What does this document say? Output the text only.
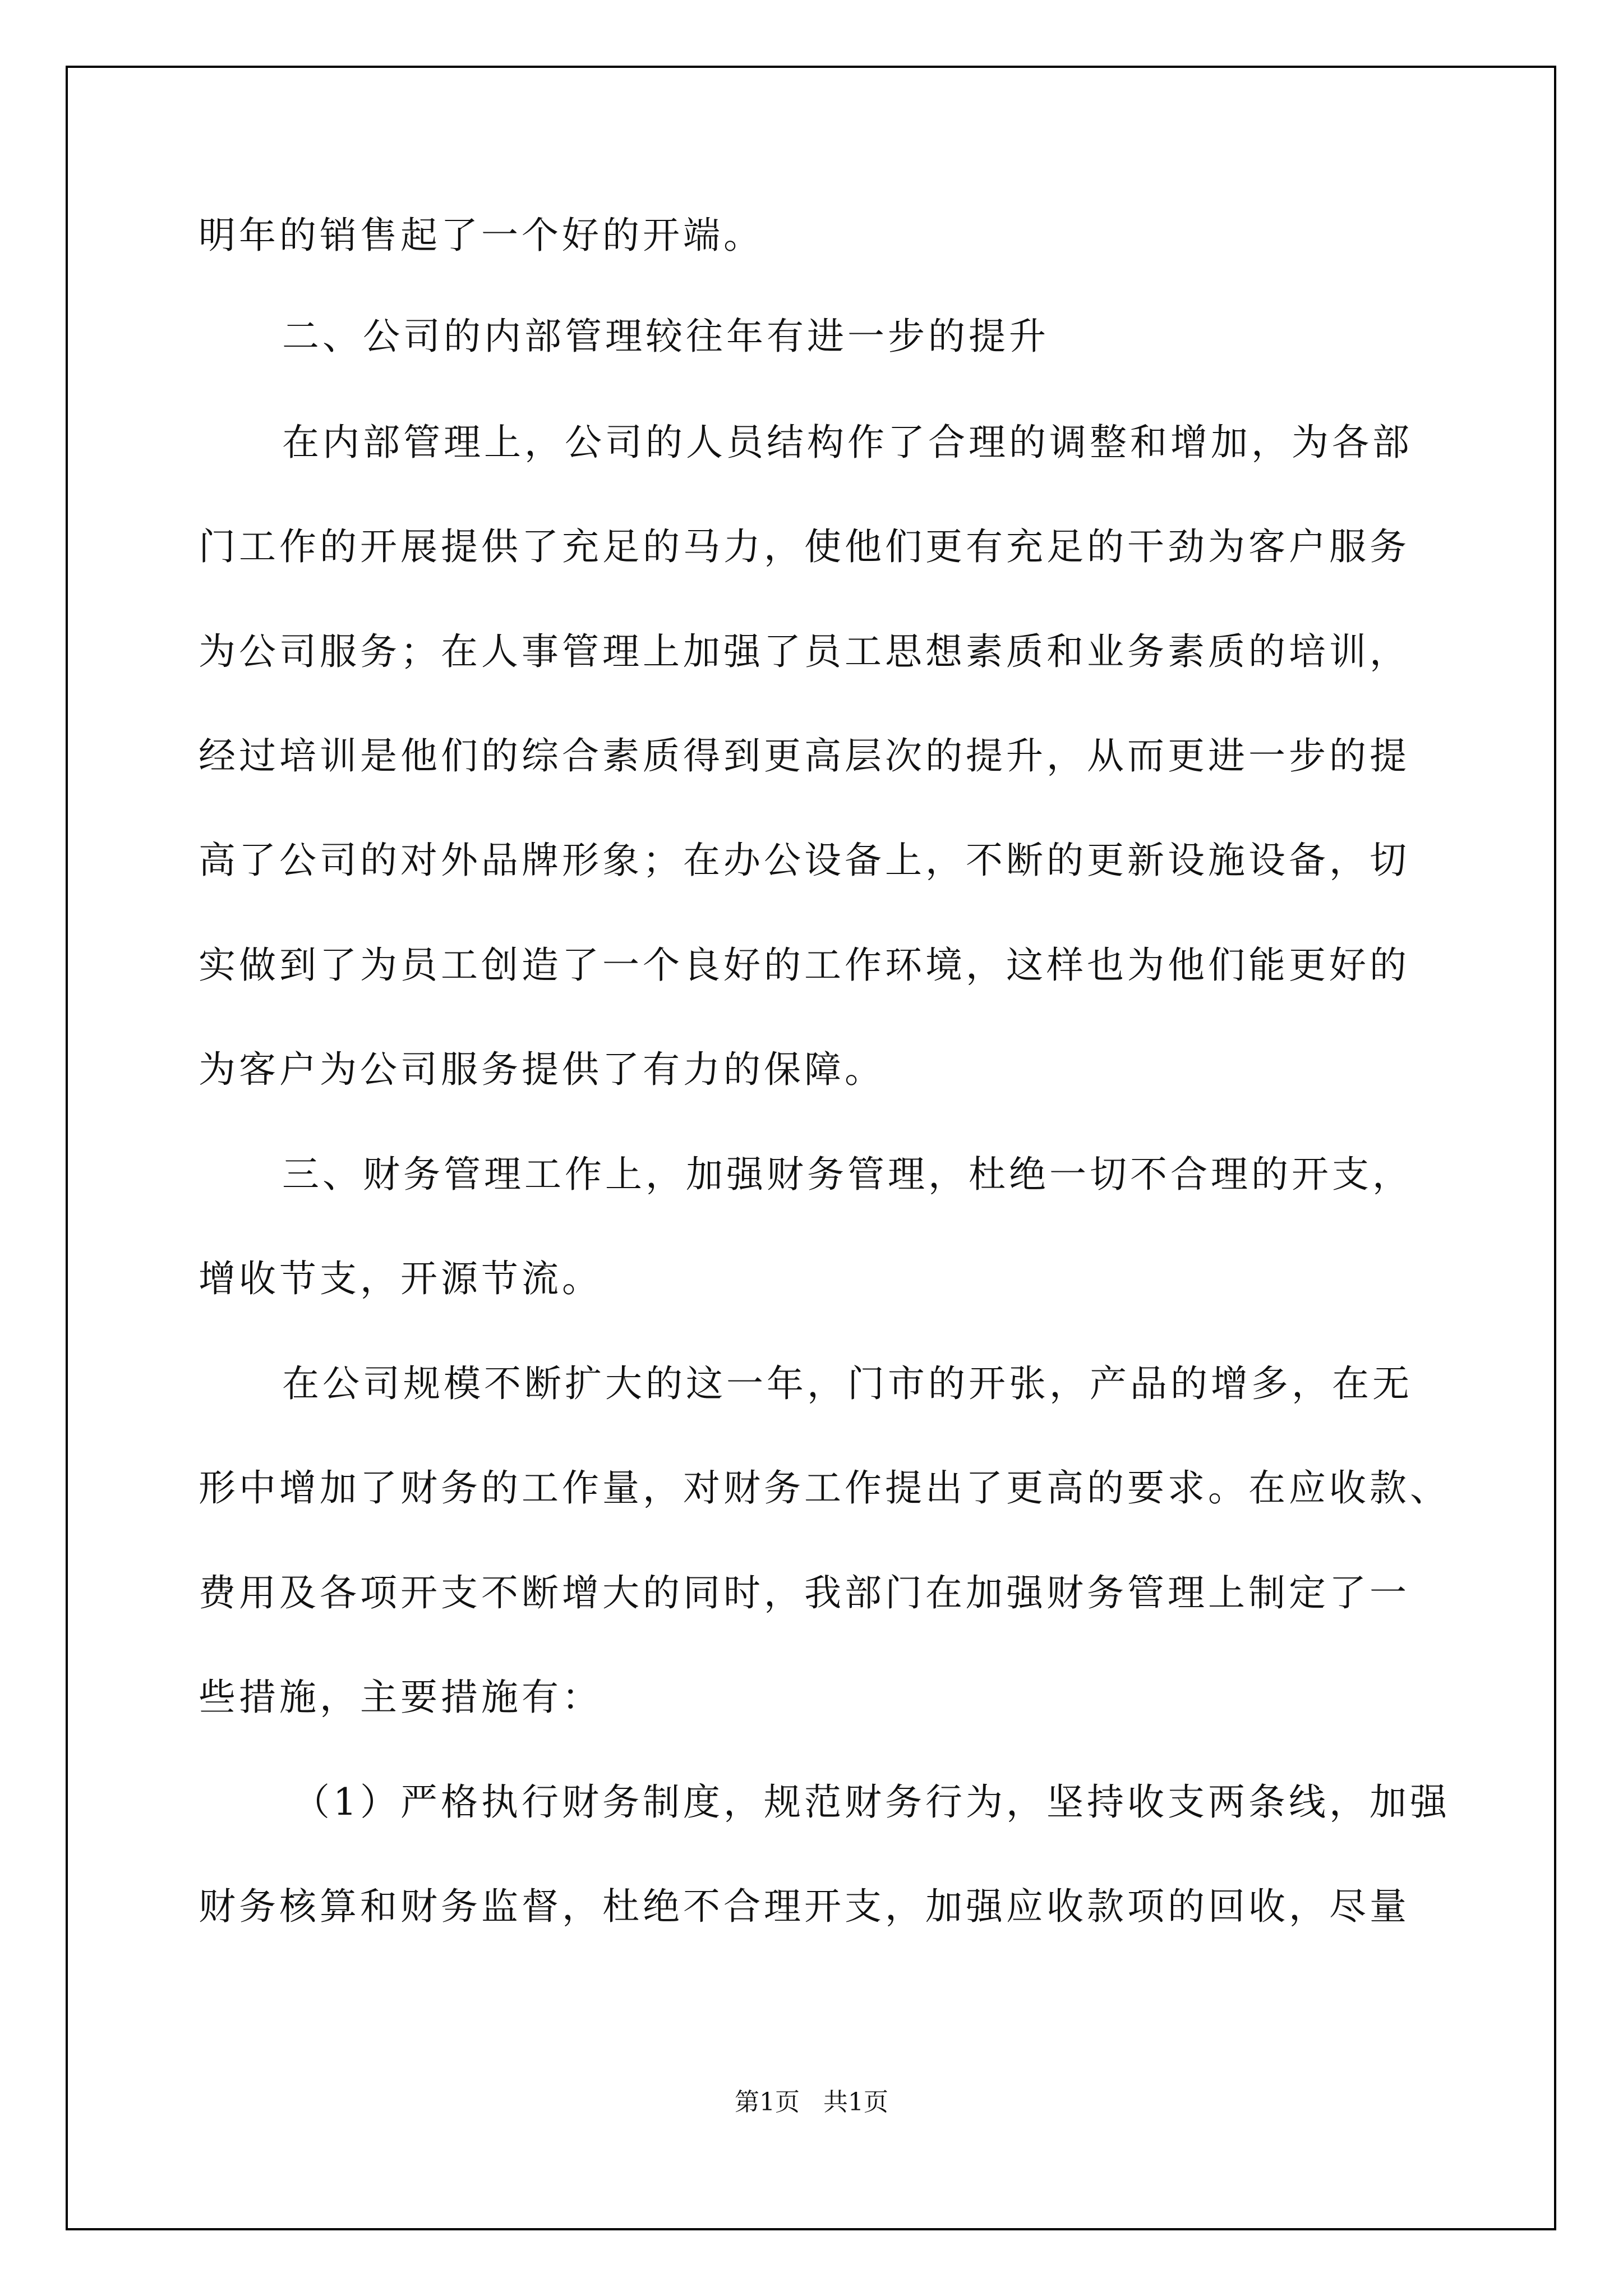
明年的销售起了一个好的开端。
二、公司的内部管理较往年有进一步的提升
在内部管理上，公司的人员结构作了合理的调整和增加，为各部
门工作的开展提供了充足的马力，使他们更有充足的干劲为客户服务
为公司服务；在人事管理上加强了员工思想素质和业务素质的培训，
经过培训是他们的综合素质得到更高层次的提升，从而更进一步的提
高了公司的对外品牌形象；在办公设备上，不断的更新设施设备，切
实做到了为员工创造了一个良好的工作环境，这样也为他们能更好的
为客户为公司服务提供了有力的保障。
三、财务管理工作上，加强财务管理，杜绝一切不合理的开支，
增收节支，开源节流。
在公司规模不断扩大的这一年，门市的开张，产品的增多，在无
形中增加了财务的工作量，对财务工作提出了更高的要求。在应收款、
费用及各项开支不断增大的同时，我部门在加强财务管理上制定了一
些措施，主要措施有：
（1）严格执行财务制度，规范财务行为，坚持收支两条线，加强
财务核算和财务监督，杜绝不合理开支，加强应收款项的回收，尽量
第1页   共1页
